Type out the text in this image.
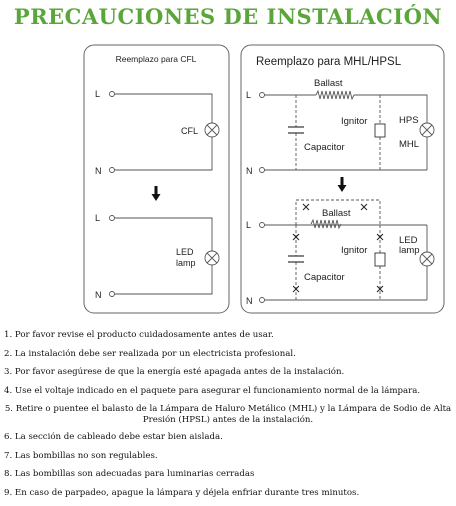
PRECAUCIONES DE INSTALACIÓN
Reemplazo para CFL
L
N
CFL
L
N
LED
lamp
Reemplazo para MHL/HPSL
Ballast
Ignitor
Capacitor
HPS
MHL
L
N
Ballast
Ignitor
Capacitor
LED
lamp
L
N
1. Por favor revise el producto cuidadosamente antes de usar.
2. La instalación debe ser realizada por un electricista profesional.
3. Por favor asegúrese de que la energía esté apagada antes de la instalación.
4. Use el voltaje indicado en el paquete para asegurar el funcionamiento normal de la lámpara.
5. Retire o puentee el balasto de la Lámpara de Haluro Metálico (MHL) y la Lámpara de Sodio de Alta Presión (HPSL) antes de la instalación.
6. La sección de cableado debe estar bien aislada.
7. Las bombillas no son regulables.
8. Las bombillas son adecuadas para luminarias cerradas
9. En caso de parpadeo, apague la lámpara y déjela enfriar durante tres minutos.
